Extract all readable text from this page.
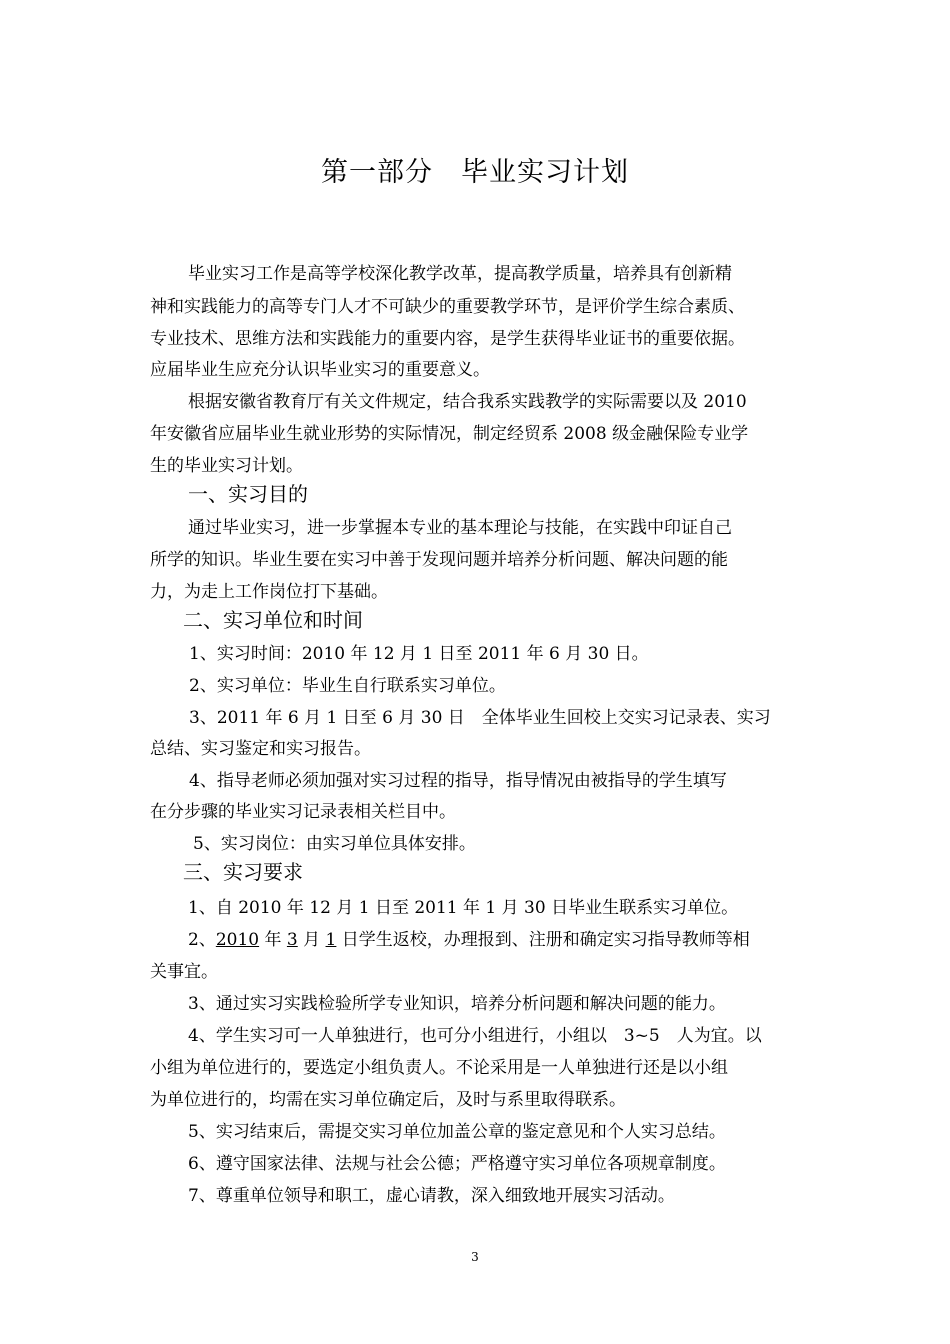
第一部分　毕业实习计划
毕业实习工作是高等学校深化教学改革，提高教学质量，培养具有创新精
神和实践能力的高等专门人才不可缺少的重要教学环节，是评价学生综合素质、
专业技术、思维方法和实践能力的重要内容，是学生获得毕业证书的重要依据。
应届毕业生应充分认识毕业实习的重要意义。
根据安徽省教育厅有关文件规定，结合我系实践教学的实际需要以及 2010
年安徽省应届毕业生就业形势的实际情况，制定经贸系 2008 级金融保险专业学
生的毕业实习计划。
一、实习目的
通过毕业实习，进一步掌握本专业的基本理论与技能，在实践中印证自己
所学的知识。毕业生要在实习中善于发现问题并培养分析问题、解决问题的能
力，为走上工作岗位打下基础。
二、实习单位和时间
1、实习时间：2010 年 12 月 1 日至 2011 年 6 月 30 日。
2、实习单位：毕业生自行联系实习单位。
3、2011 年 6 月 1 日至 6 月 30 日　全体毕业生回校上交实习记录表、实习
总结、实习鉴定和实习报告。
4、指导老师必须加强对实习过程的指导，指导情况由被指导的学生填写
在分步骤的毕业实习记录表相关栏目中。
5、实习岗位：由实习单位具体安排。
三、实习要求
1、自 2010 年 12 月 1 日至 2011 年 1 月 30 日毕业生联系实习单位。
2、2010 年 3 月 1 日学生返校，办理报到、注册和确定实习指导教师等相
关事宜。
3、通过实习实践检验所学专业知识，培养分析问题和解决问题的能力。
4、学生实习可一人单独进行，也可分小组进行，小组以　3~5　人为宜。以
小组为单位进行的，要选定小组负责人。不论采用是一人单独进行还是以小组
为单位进行的，均需在实习单位确定后，及时与系里取得联系。
5、实习结束后，需提交实习单位加盖公章的鉴定意见和个人实习总结。
6、遵守国家法律、法规与社会公德；严格遵守实习单位各项规章制度。
7、尊重单位领导和职工，虚心请教，深入细致地开展实习活动。
3
